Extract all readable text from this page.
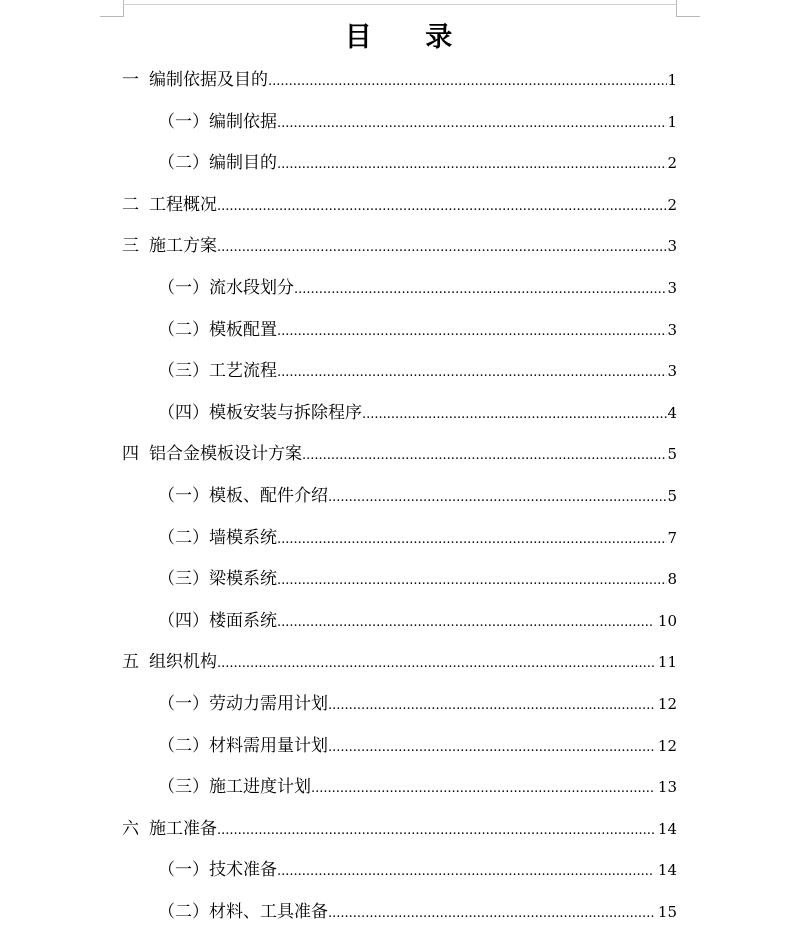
目 录
一 编制依据及目的 .....	1
（一） 编制依据 .....	1
（二） 编制目的 .....	2
二 工程概况 .....	2
三 施工方案 .....	3
（一） 流水段划分 .....	3
（二） 模板配置 .....	3
（三） 工艺流程 .....	3
（四） 模板安装与拆除程序 .....	4
四 铝合金模板设计方案 .....	5
（一） 模板、配件介绍 .....	5
（二） 墙模系统 .....	7
（三） 梁模系统 .....	8
（四） 楼面系统 .....	10
五 组织机构 .....	11
（一） 劳动力需用计划 .....	12
（二） 材料需用量计划 .....	12
（三） 施工进度计划 .....	13
六 施工准备 .....	14
（一） 技术准备 .....	14
（二） 材料、工具准备 .....	15
